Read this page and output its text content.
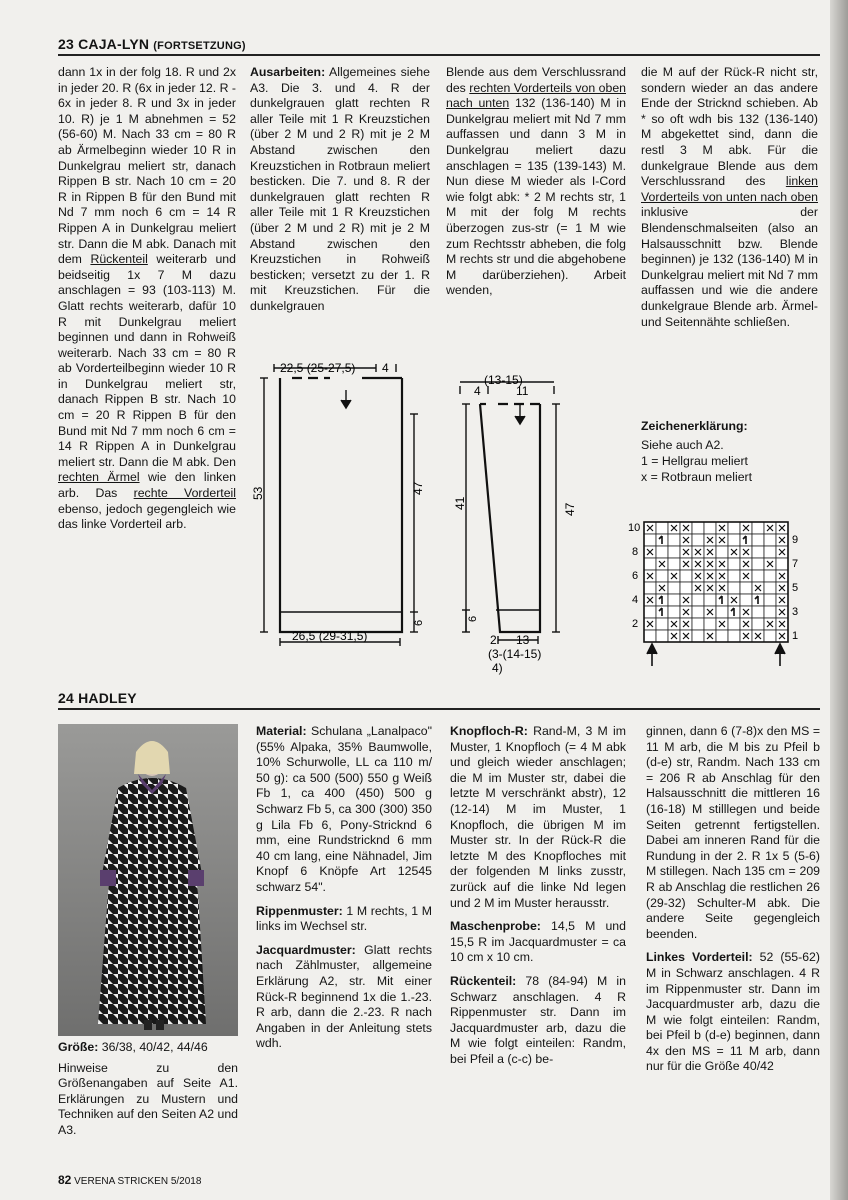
23 CAJA-LYN (FORTSETZUNG)

dann 1x in der folg 18. R und 2x in jeder 20. R (6x in jeder 12. R - 6x in jeder 8. R und 3x in jeder 10. R) je 1 M abnehmen = 52 (56-60) M. Nach 33 cm = 80 R ab Ärmelbeginn wieder 10 R in Dunkelgrau meliert str, danach Rippen B str. Nach 10 cm = 20 R in Rippen B für den Bund mit Nd 7 mm noch 6 cm = 14 R Rippen A in Dunkelgrau meliert str. Dann die M abk. Danach mit dem Rückenteil weiterarb und beidseitig 1x 7 M dazu anschlagen = 93 (103-113) M. Glatt rechts weiterarb, dafür 10 R mit Dunkelgrau meliert beginnen und dann in Rohweiß weiterarb. Nach 33 cm = 80 R ab Vorderteilbeginn wieder 10 R in Dunkelgrau meliert str, danach Rippen B str. Nach 10 cm = 20 R Rippen B für den Bund mit Nd 7 mm noch 6 cm = 14 R Rippen A in Dunkelgrau meliert str. Dann die M abk. Den rechten Ärmel wie den linken arb. Das rechte Vorderteil ebenso, jedoch gegengleich wie das linke Vorderteil arb.

Ausarbeiten: Allgemeines siehe A3. Die 3. und 4. R der dunkelgrauen glatt rechten R aller Teile mit 1 R Kreuzstichen (über 2 M und 2 R) mit je 2 M Abstand zwischen den Kreuzstichen in Rotbraun meliert besticken. Die 7. und 8. R der dunkelgrauen glatt rechten R aller Teile mit 1 R Kreuzstichen (über 2 M und 2 R) mit je 2 M Abstand zwischen den Kreuzstichen in Rohweiß besticken; versetzt zu der 1. R mit Kreuzstichen. Für die dunkelgrauen

Blende aus dem Verschlussrand des rechten Vorderteils von oben nach unten 132 (136-140) M in Dunkelgrau meliert mit Nd 7 mm auffassen und dann 3 M in Dunkelgrau meliert dazu anschlagen = 135 (139-143) M. Nun diese M wieder als I-Cord wie folgt abk: * 2 M rechts str, 1 M mit der folg M rechts überzogen zus-str (= 1 M wie zum Rechtsstr abheben, die folg M rechts str und die abgehobene M darüberziehen). Arbeit wenden,

die M auf der Rück-R nicht str, sondern wieder an das andere Ende der Stricknd schieben. Ab * so oft wdh bis 132 (136-140) M abgekettet sind, dann die restl 3 M abk. Für die dunkelgraue Blende aus dem Verschlussrand des linken Vorderteils von unten nach oben inklusive der Blendenschmalseiten (also an Halsausschnitt bzw. Blende beginnen) je 132 (136-140) M in Dunkelgrau meliert mit Nd 7 mm auffassen und wie die andere dunkelgraue Blende arb. Ärmel- und Seitennähte schließen.

Zeichenerklärung:
Siehe auch A2.
1 = Hellgrau meliert
x = Rotbraun meliert
22,5 (25-27,5) 4
53	47
6
26,5 (29-31,5)
(13-15)
4	11
41	47
6
2 13
(3-(14-15)
4)
10
8
6
4
2
9
7
5
3
1
24 HADLEY

Größe: 36/38, 40/42, 44/46

Hinweise zu den Größenangaben auf Seite A1. Erklärungen zu Mustern und Techniken auf den Seiten A2 und A3.

Material: Schulana „Lanalpaco" (55% Alpaka, 35% Baumwolle, 10% Schurwolle, LL ca 110 m/ 50 g): ca 500 (500) 550 g Weiß Fb 1, ca 400 (450) 500 g Schwarz Fb 5, ca 300 (300) 350 g Lila Fb 6, Pony-Stricknd 6 mm, eine Rundstricknd 6 mm 40 cm lang, eine Nähnadel, Jim Knopf 6 Knöpfe Art 12545 schwarz 54".

Rippenmuster: 1 M rechts, 1 M links im Wechsel str.

Jacquardmuster: Glatt rechts nach Zählmuster, allgemeine Erklärung A2, str. Mit einer Rück-R beginnend 1x die 1.-23. R arb, dann die 2.-23. R nach Angaben in der Anleitung stets wdh.

Knopfloch-R: Rand-M, 3 M im Muster, 1 Knopfloch (= 4 M abk und gleich wieder anschlagen; die M im Muster str, dabei die letzte M verschränkt abstr), 12 (12-14) M im Muster, 1 Knopfloch, die übrigen M im Muster str. In der Rück-R die letzte M des Knopfloches mit der folgenden M links zusstr, zurück auf die linke Nd legen und 2 M im Muster herausstr.

Maschenprobe: 14,5 M und 15,5 R im Jacquardmuster = ca 10 cm x 10 cm.

Rückenteil: 78 (84-94) M in Schwarz anschlagen. 4 R Rippenmuster str. Dann im Jacquardmuster arb, dazu die M wie folgt einteilen: Randm, bei Pfeil a (c-c) be-

ginnen, dann 6 (7-8)x den MS = 11 M arb, die M bis zu Pfeil b (d-e) str, Randm. Nach 133 cm = 206 R ab Anschlag für den Halsausschnitt die mittleren 16 (16-18) M stilllegen und beide Seiten getrennt fertigstellen. Dabei am inneren Rand für die Rundung in der 2. R 1x 5 (5-6) M stillegen. Nach 135 cm = 209 R ab Anschlag die restlichen 26 (29-32) Schulter-M abk. Die andere Seite gegengleich beenden.

Linkes Vorderteil: 52 (55-62) M in Schwarz anschlagen. 4 R im Rippenmuster str. Dann im Jacquardmuster arb, dazu die M wie folgt einteilen: Randm, bei Pfeil b (d-e) beginnen, dann 4x den MS = 11 M arb, dann nur für die Größe 40/42

82 VERENA STRICKEN 5/2018
